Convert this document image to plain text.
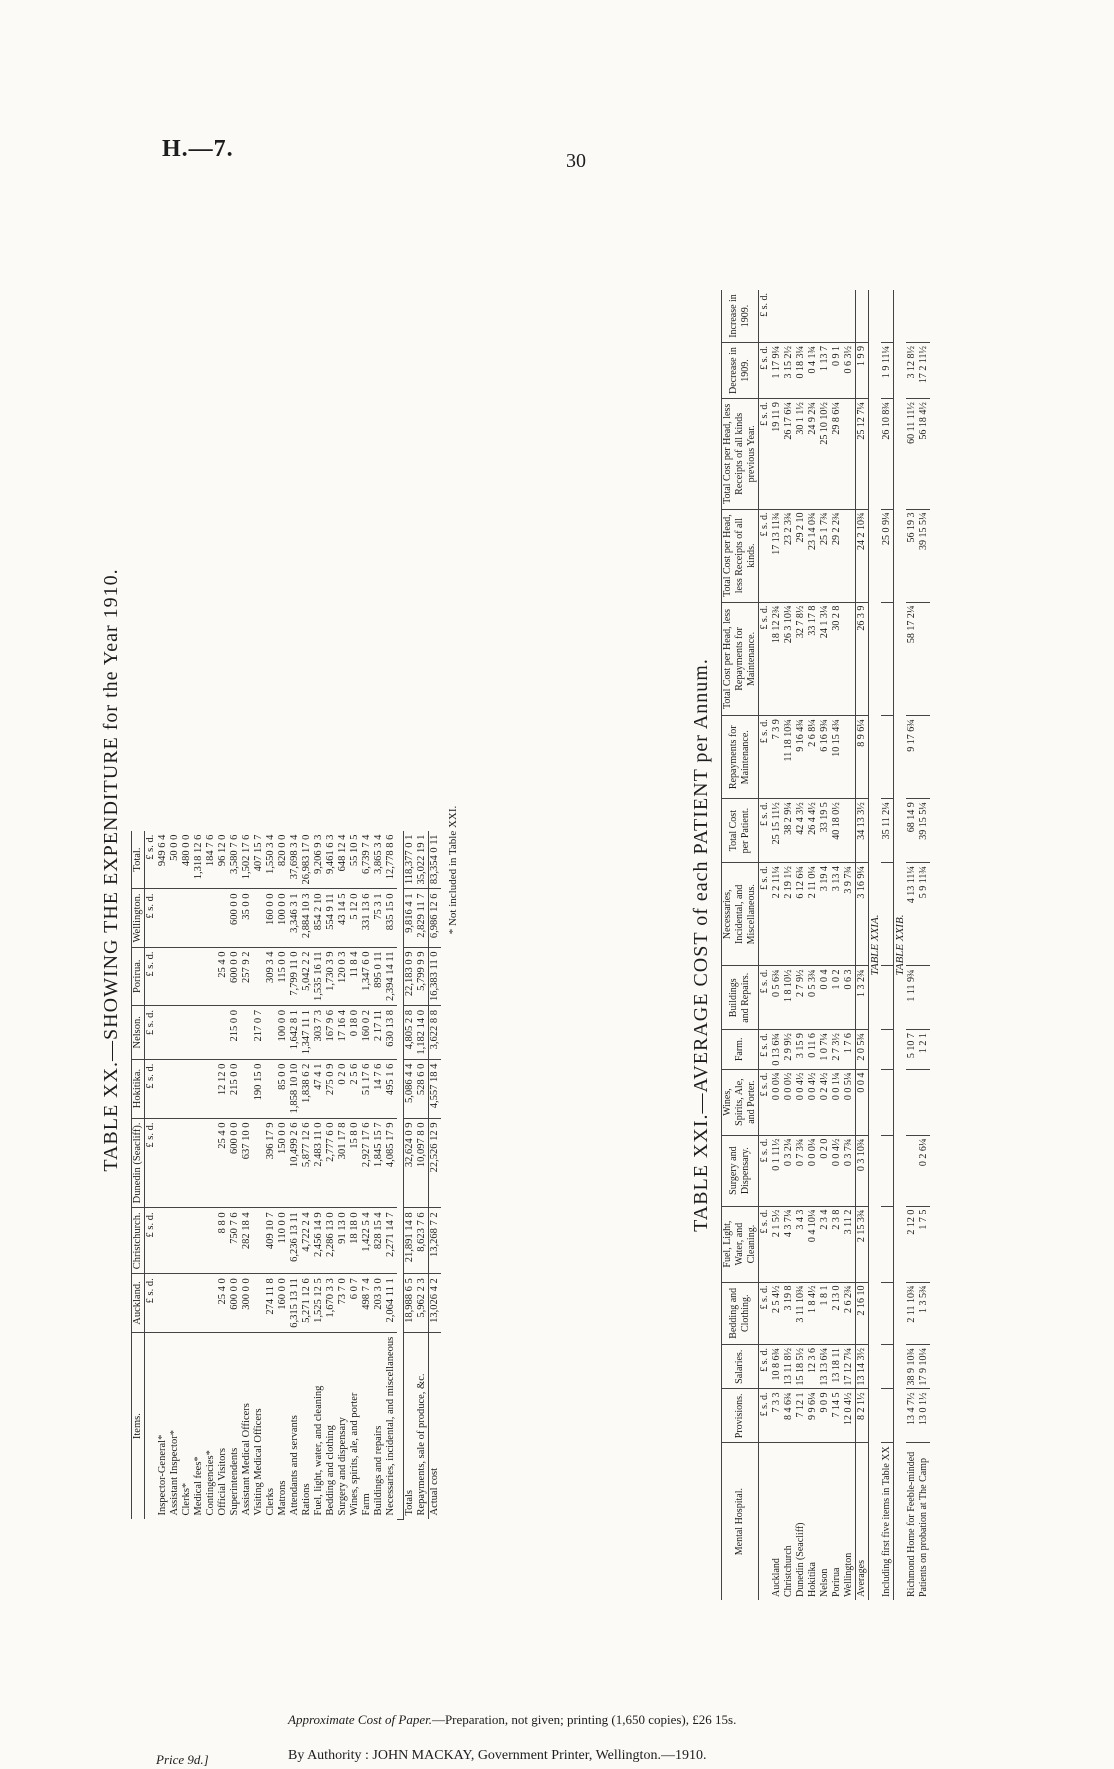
H.—7.	30
TABLE XX.—SHOWING THE EXPENDITURE for the Year 1910.
Items.	Auckland.	Christchurch.	Dunedin (Seacliff).	Hokitika.	Nelson.	Porirua.	Wellington.	Total.
	£ s. d.	£ s. d.	£ s. d.	£ s. d.	£ s. d.	£ s. d.	£ s. d.	£ s. d.
Inspector-General*								949 6 4
Assistant Inspector*								50 0 0
Clerks*								480 0 0
Medical fees*								1,318 12 6
Contingencies*								184 7 6
Official Visitors	25 4 0	8 8 0	25 4 0	12 12 0		25 4 0		96 12 0
Superintendents	600 0 0	750 7 6	600 0 0	215 0 0	215 0 0	600 0 0	600 0 0	3,580 7 6
Assistant Medical Officers	300 0 0	282 18 4	637 10 0			257 9 2	35 0 0	1,502 17 6
Visiting Medical Officers				190 15 0	217 0 7			407 15 7
Clerks	274 11 8	409 10 7	396 17 9			309 3 4	160 0 0	1,550 3 4
Matrons	160 0 0	110 0 0	150 0 0	85 0 0	100 0 0	115 0 0	100 0 0	820 0 0
Attendants and servants	6,315 13 11	6,236 13 11	10,499 2 6	1,858 10 10	1,642 8 1	7,799 11 0	3,346 3 1	37,698 3 4
Rations	5,271 12 6	4,722 2 4	5,877 12 6	1,838 6 2	1,347 11 1	5,042 2 2	2,884 10 3	26,983 17 0
Fuel, light, water, and cleaning	1,525 12 5	2,456 14 9	2,483 11 0	47 4 1	303 7 3	1,535 16 11	854 2 10	9,206 9 3
Bedding and clothing	1,670 3 3	2,286 13 0	2,777 6 0	275 0 9	167 9 6	1,730 3 9	554 9 11	9,461 6 3
Surgery and dispensary	73 7 0	91 13 0	301 17 8	0 2 0	17 16 4	120 0 3	43 14 5	648 12 4
Wines, spirits, ale, and porter	6 0 7	18 18 0	15 8 0	2 5 6	0 18 0	11 8 4	5 12 0	55 10 5
Farm	498 7 4	1,422 5 4	2,927 17 6	51 17 6	160 0 2	1,347 6 0	331 13 6	6,739 7 4
Buildings and repairs	203 3 0	828 15 4	1,845 15 7	14 7 6	2 17 11	895 0 11	75 3 1	3,865 3 4
Necessaries, incidental, and miscellaneous	2,064 11 1	2,271 14 7	4,085 17 9	495 1 6	630 13 8	2,394 14 11	835 15 0	12,778 8 6

Totals	18,988 6 5	21,891 14 8	32,624 0 9	5,086 4 4	4,805 2 8	22,183 0 9	9,816 4 1	118,377 0 1
Repayments, sale of produce, &c.	5,962 2 3	8,623 7 6	10,097 8 0	528 6 0	1,182 14 0	5,799 9 9	2,829 11 7	35,022 19 1
Actual cost	13,026 4 2	13,268 7 2	22,526 12 9	4,557 18 4	3,622 8 8	16,383 11 0	6,986 12 6	83,354 0 11 * Not included in Table XXI.	TABLE XXI.—AVERAGE COST of each PATIENT per Annum.
Mental Hospital.	Provisions.	Salaries.	Bedding and Clothing.	Fuel, Light, Water, and Cleaning.	Surgery and Dispensary.	Wines, Spirits, Ale, and Porter.	Farm.	Buildings and Repairs.	Necessaries, Incidental, and Miscellaneous.	Total Cost per Patient.	Repayments for Maintenance.	Total Cost per Head, less Repayments for Maintenance.	Total Cost per Head, less Receipts of all kinds.	Total Cost per Head, less Receipts of all kinds previous Year.	Decrease in 1909.	Increase in 1909.
	£ s. d.	£ s. d.	£ s. d.	£ s. d.	£ s. d.	£ s. d.	£ s. d.	£ s. d.	£ s. d.	£ s. d.	£ s. d.	£ s. d.	£ s. d.	£ s. d.	£ s. d.	£ s. d.
Auckland	7 3 3	10 8 6¾	2 5 4½	2 1 5½	0 1 11½	0 0 0¼	0 13 6¾	0 5 6¾	2 2 11¼	25 15 11½	7 3 9	18 12 2¾	17 13 11¾	19 11 9	1 17 9¼	
Christchurch	8 4 6¾	13 11 8½	3 19 8	4 3 7¼	0 3 2¼	0 0 0½	2 9 9½	1 8 10½	2 19 1½	38 2 9¼	11 18 10¾	26 3 10¼	23 2 3¾	26 17 6¼	3 15 2½	
Dunedin (Seacliff)	7 12 1	15 18 5½	3 11 10¾	3 4 3	0 7 3¾	0 0 4½	3 15 9	2 7 9½	6 12 6¾	42 4 3½	9 16 4¾	32 7 8½	29 2 10	30 1 1½	0 18 3¼	
Hokitika	9 9 6¼	12 3 6	1 8 4½	0 4 10¼	0 0 0¼	0 0 4½	0 11 6	0 5 3¾	2 11 0¼	26 4 4½	2 6 8¼	33 17 8	23 14 0¾	24 9 2¾	0 4 1¾	
Nelson	9 0 9	13 13 6¼	1 8 1	2 3 4	0 2 0	0 2 4½	1 0 7¼	0 0 4	3 19 4	33 19 5	6 16 9¾	24 1 3¼	25 1 7¾	25 10 10½	1 13 7	
Porirua	7 14 5	13 18 11	2 13 0	2 3 8	0 0 4½	0 0 1¼	2 7 3½	1 0 2	3 13 4	40 18 0½	10 15 4¾	30 2 8	29 2 2¾	29 8 6¼	0 9 1	
Wellington	12 0 4½	17 12 7¼	2 6 2¾	3 11 2	0 3 7¾	0 0 5¼	1 7 6	0 6 3	3 9 7¾						0 6 3½	
Averages	8 2 1½	13 14 3½	2 16 10	2 15 3¾	0 3 10¾	0 0 4	2 0 5¾	1 3 2¾	3 16 9¼	34 13 3½	8 9 6¼	26 3 9	24 2 10¾	25 12 7¼	1 9 9	
TABLE XXIA.																
Including first five items in Table XX										35 11 2¼			25 0 9¼	26 10 8¾	1 9 11¼	
TABLE XXIB.																
Richmond Home for Feeble-minded	13 4 7½	38 9 10¾	2 11 10¾	2 12 0			5 10 7	1 11 9¾	4 13 11¼	68 14 9	9 17 6¾	58 17 2¼	56 19 3	60 11 11½	3 12 8½	
Patients on probation at The Camp	13 0 1½	17 9 10¼	1 3 5¾	1 7 5	0 2 6¼		1 2 1		5 9 11¾	39 15 5¼			39 15 5¼	56 18 4½	17 2 11½	
Approximate Cost of Paper.—Preparation, not given; printing (1,650 copies), £26 15s.
By Authority : JOHN MACKAY, Government Printer, Wellington.—1910.
Price 9d.]
